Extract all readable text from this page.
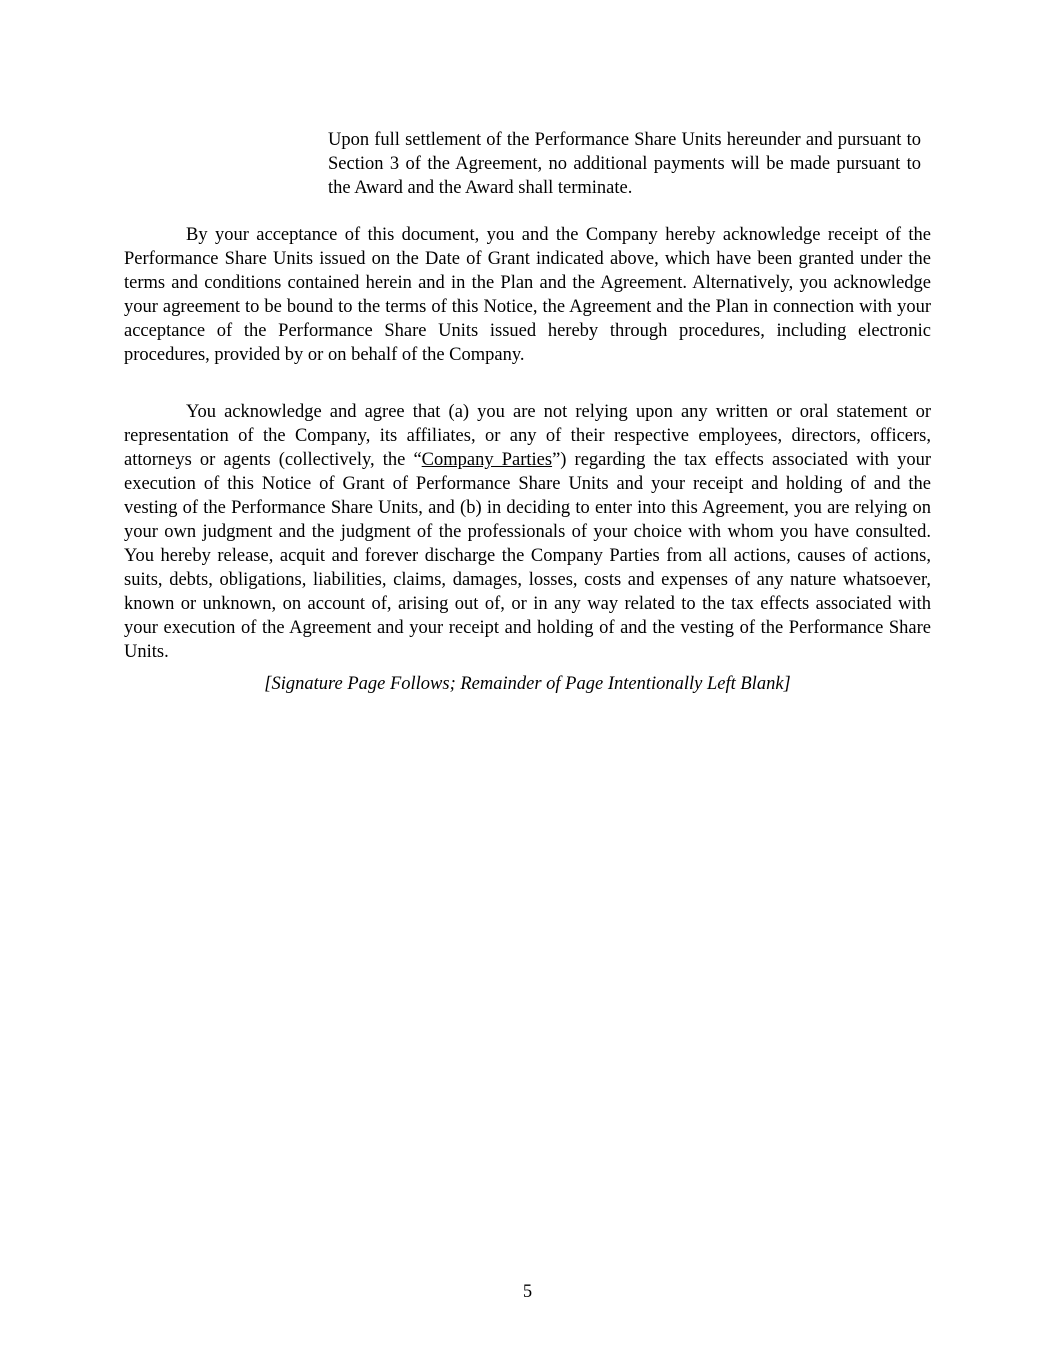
Upon full settlement of the Performance Share Units hereunder and pursuant to Section 3 of the Agreement, no additional payments will be made pursuant to the Award and the Award shall terminate.

By your acceptance of this document, you and the Company hereby acknowledge receipt of the Performance Share Units issued on the Date of Grant indicated above, which have been granted under the terms and conditions contained herein and in the Plan and the Agreement. Alternatively, you acknowledge your agreement to be bound to the terms of this Notice, the Agreement and the Plan in connection with your acceptance of the Performance Share Units issued hereby through procedures, including electronic procedures, provided by or on behalf of the Company.

You acknowledge and agree that (a) you are not relying upon any written or oral statement or representation of the Company, its affiliates, or any of their respective employees, directors, officers, attorneys or agents (collectively, the “Company Parties”) regarding the tax effects associated with your execution of this Notice of Grant of Performance Share Units and your receipt and holding of and the vesting of the Performance Share Units, and (b) in deciding to enter into this Agreement, you are relying on your own judgment and the judgment of the professionals of your choice with whom you have consulted. You hereby release, acquit and forever discharge the Company Parties from all actions, causes of actions, suits, debts, obligations, liabilities, claims, damages, losses, costs and expenses of any nature whatsoever, known or unknown, on account of, arising out of, or in any way related to the tax effects associated with your execution of the Agreement and your receipt and holding of and the vesting of the Performance Share Units.

[Signature Page Follows; Remainder of Page Intentionally Left Blank]

5
